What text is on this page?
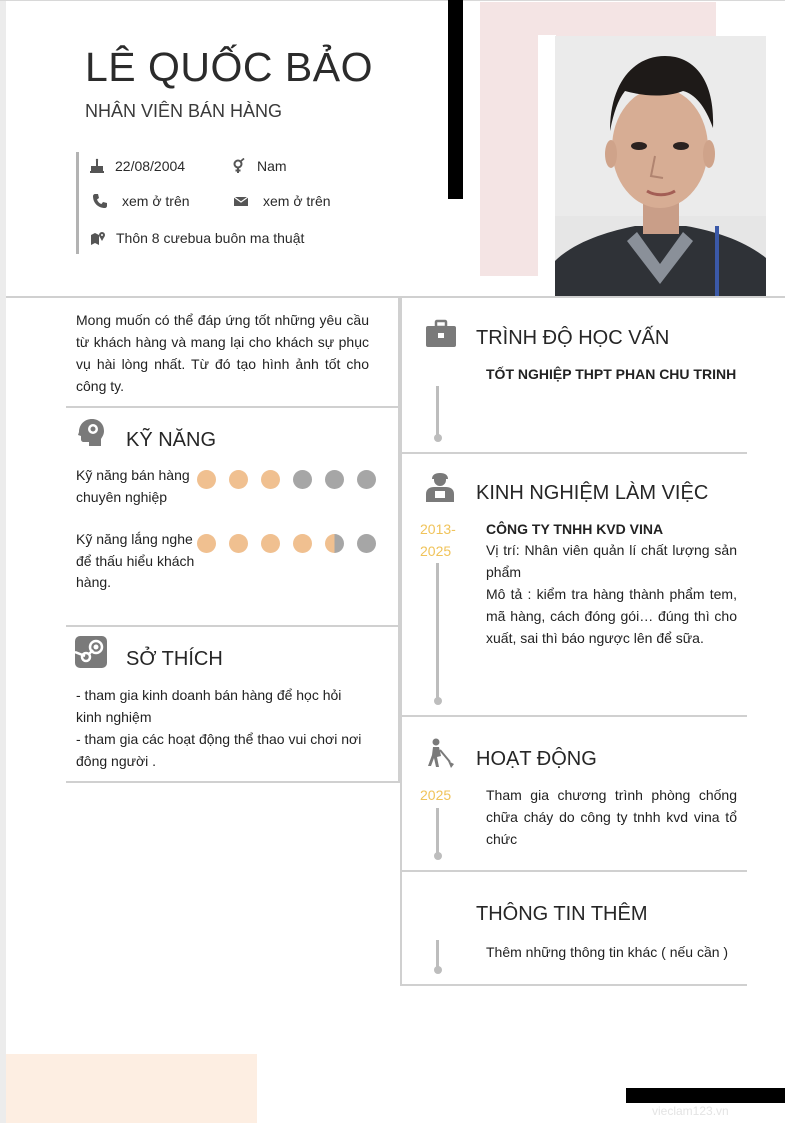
LÊ QUỐC BẢO
NHÂN VIÊN BÁN HÀNG
22/08/2004	Nam
xem ở trên	xem ở trên
Thôn 8 cưebua buôn ma thuật
Mong muốn có thể đáp ứng tốt những yêu cầu từ khách hàng và mang lại cho khách sự phục vụ hài lòng nhất. Từ đó tạo hình ảnh tốt cho công ty.
KỸ NĂNG
Kỹ năng bán hàng chuyên nghiệp
Kỹ năng lắng nghe để thấu hiểu khách hàng.
SỞ THÍCH
- tham gia kinh doanh bán hàng để học hỏi kinh nghiệm
- tham gia các hoạt động thể thao vui chơi nơi đông người .
TRÌNH ĐỘ HỌC VẤN
TỐT NGHIỆP THPT PHAN CHU TRINH
KINH NGHIỆM LÀM VIỆC
2013-
2025
CÔNG TY TNHH KVD VINA
Vị trí: Nhân viên quản lí chất lượng sản phẩm
Mô tả : kiểm tra hàng thành phẩm tem, mã hàng, cách đóng gói… đúng thì cho xuất, sai thì báo ngược lên để sữa.
HOẠT ĐỘNG
2025 Tham gia chương trình phòng chống chữa cháy do công ty tnhh kvd vina tổ chức
THÔNG TIN THÊM
Thêm những thông tin khác ( nếu cần )
vieclam123.vn
